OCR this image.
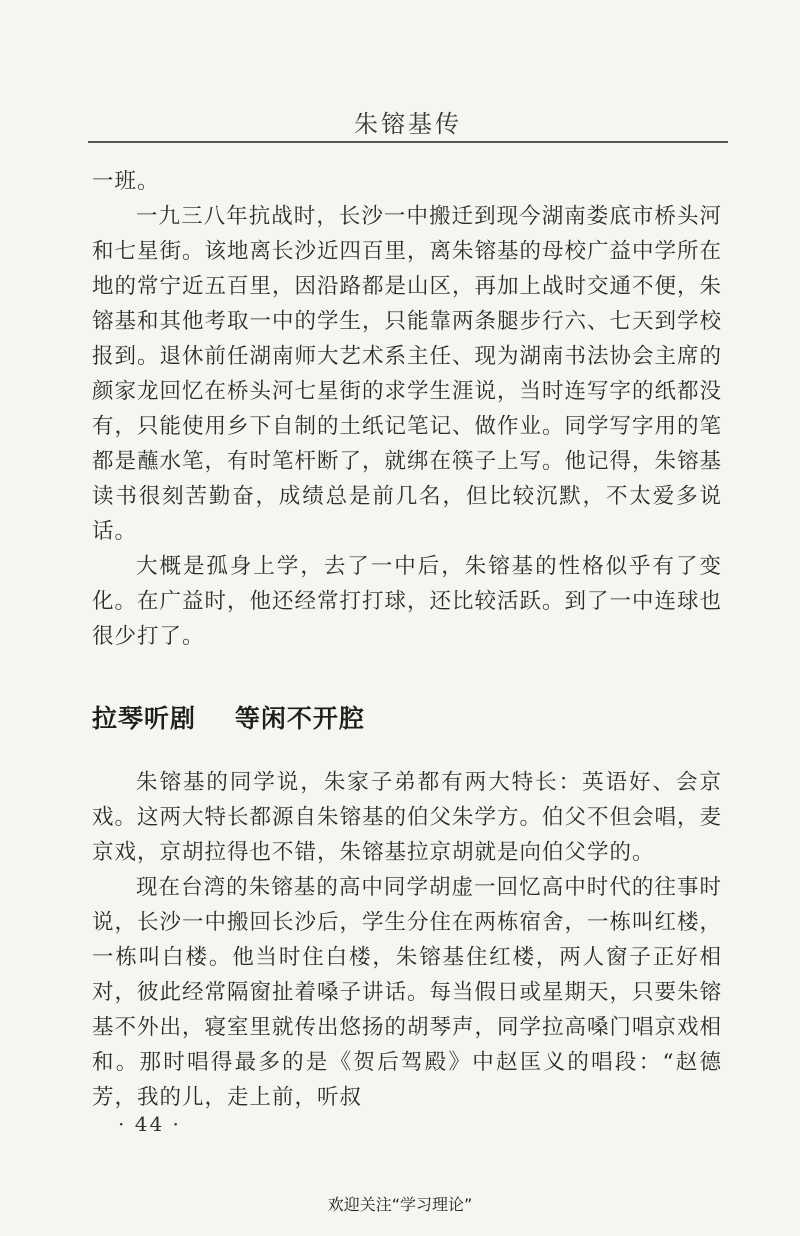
朱镕基传

一班。

一九三八年抗战时，长沙一中搬迁到现今湖南娄底市桥头河和七星街。该地离长沙近四百里，离朱镕基的母校广益中学所在地的常宁近五百里，因沿路都是山区，再加上战时交通不便，朱镕基和其他考取一中的学生，只能靠两条腿步行六、七天到学校报到。退休前任湖南师大艺术系主任、现为湖南书法协会主席的颜家龙回忆在桥头河七星街的求学生涯说，当时连写字的纸都没有，只能使用乡下自制的土纸记笔记、做作业。同学写字用的笔都是蘸水笔，有时笔杆断了，就绑在筷子上写。他记得，朱镕基读书很刻苦勤奋，成绩总是前几名，但比较沉默，不太爱多说话。

大概是孤身上学，去了一中后，朱镕基的性格似乎有了变化。在广益时，他还经常打打球，还比较活跃。到了一中连球也很少打了。

拉琴听剧    等闲不开腔

朱镕基的同学说，朱家子弟都有两大特长：英语好、会京戏。这两大特长都源自朱镕基的伯父朱学方。伯父不但会唱，麦京戏，京胡拉得也不错，朱镕基拉京胡就是向伯父学的。

现在台湾的朱镕基的高中同学胡虚一回忆高中时代的往事时说，长沙一中搬回长沙后，学生分住在两栋宿舍，一栋叫红楼，一栋叫白楼。他当时住白楼，朱镕基住红楼，两人窗子正好相对，彼此经常隔窗扯着嗓子讲话。每当假日或星期天，只要朱镕基不外出，寝室里就传出悠扬的胡琴声，同学拉高嗓门唱京戏相和。那时唱得最多的是《贺后驾殿》中赵匡义的唱段：“赵德芳，我的儿，走上前，听叔

· 44 ·
欢迎关注“学习理论”
